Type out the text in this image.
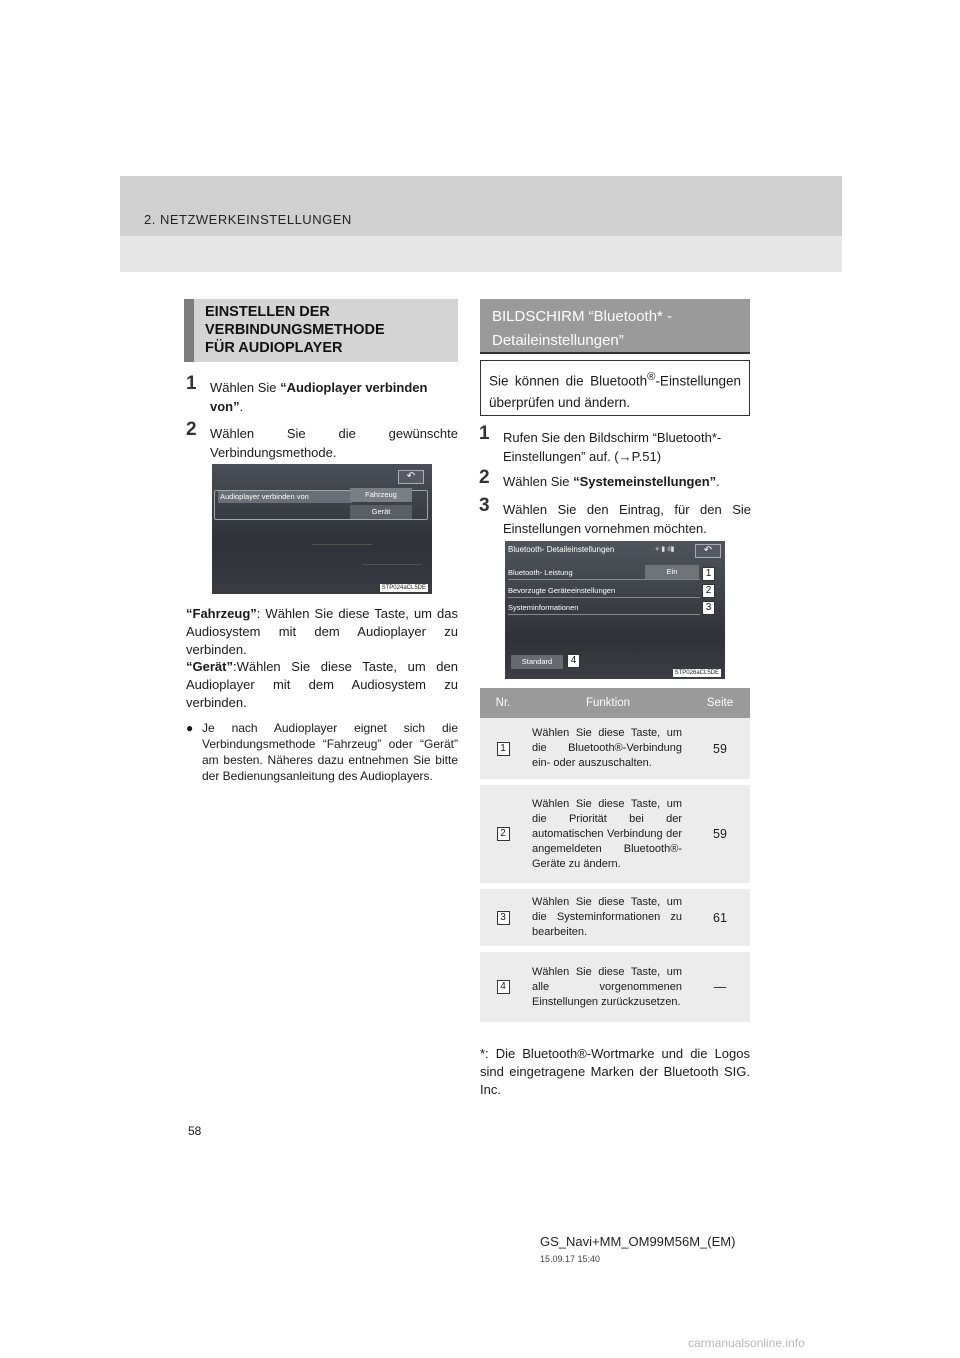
2. NETZWERKEINSTELLUNGEN
EINSTELLEN DER
VERBINDUNGSMETHODE
FÜR AUDIOPLAYER
1 Wählen Sie “Audioplayer verbinden von”.
2 Wählen Sie die gewünschte Verbindungsmethode.
↶
Audioplayer verbinden von	Fahrzeug
Gerät
STP024aCL5DE
“Fahrzeug”: Wählen Sie diese Taste, um das Audiosystem mit dem Audioplayer zu verbinden.
“Gerät”:Wählen Sie diese Taste, um den Audioplayer mit dem Audiosystem zu verbinden.
● Je nach Audioplayer eignet sich die Verbindungsmethode “Fahrzeug” oder “Gerät” am besten. Näheres dazu entnehmen Sie bitte der Bedienungsanleitung des Audioplayers.
BILDSCHIRM “Bluetooth* -
Detaileinstellungen”
Sie können die Bluetooth®-Einstellungen überprüfen und ändern.
1 Rufen Sie den Bildschirm “Bluetooth*-Einstellungen” auf. (→P.51)
2 Wählen Sie “Systemeinstellungen”.
3 Wählen Sie den Eintrag, für den Sie Einstellungen vornehmen möchten.
Bluetooth- Detaileinstellungen	⋄ ▮ ıl▮	↶
Bluetooth- Leistung	Ein
Bevorzugte Geräteeinstellungen
Systeminformationen
Standard
1
2
3
4
STP026aCL5DE
Nr.	Funktion	Seite
1	Wählen Sie diese Taste, um die Bluetooth®-Verbindung ein- oder auszuschalten.	59
2	Wählen Sie diese Taste, um die Priorität bei der automatischen Verbindung der angemeldeten Bluetooth®-Geräte zu ändern.	59
3	Wählen Sie diese Taste, um die Systeminformationen zu bearbeiten.	61
4	Wählen Sie diese Taste, um alle vorgenommenen Einstellungen zurückzusetzen.	—
*: Die Bluetooth®-Wortmarke und die Logos sind eingetragene Marken der Bluetooth SIG. Inc.
58
GS_Navi+MM_OM99M56M_(EM)
15.09.17 15:40
carmanualsonline.info
